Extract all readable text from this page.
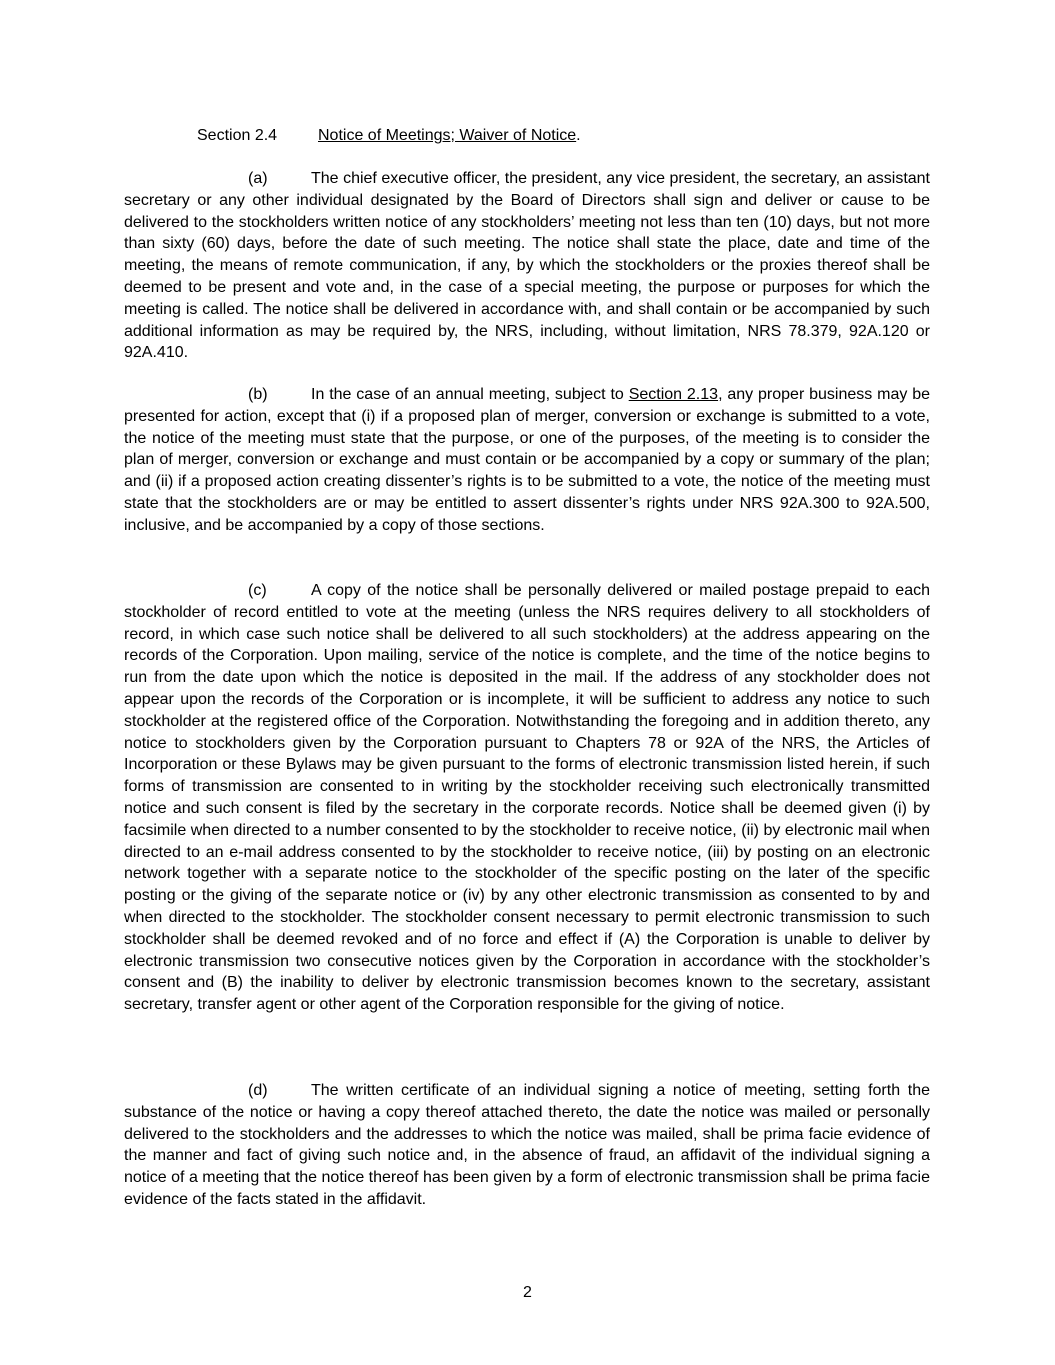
Section 2.4	Notice of Meetings; Waiver of Notice.

(a)	The chief executive officer, the president, any vice president, the secretary, an assistant secretary or any other individual designated by the Board of Directors shall sign and deliver or cause to be delivered to the stockholders written notice of any stockholders’ meeting not less than ten (10) days, but not more than sixty (60) days, before the date of such meeting. The notice shall state the place, date and time of the meeting, the means of remote communication, if any, by which the stockholders or the proxies thereof shall be deemed to be present and vote and, in the case of a special meeting, the purpose or purposes for which the meeting is called. The notice shall be delivered in accordance with, and shall contain or be accompanied by such additional information as may be required by, the NRS, including, without limitation, NRS 78.379, 92A.120 or 92A.410.

(b)	In the case of an annual meeting, subject to Section 2.13, any proper business may be presented for action, except that (i) if a proposed plan of merger, conversion or exchange is submitted to a vote, the notice of the meeting must state that the purpose, or one of the purposes, of the meeting is to consider the plan of merger, conversion or exchange and must contain or be accompanied by a copy or summary of the plan; and (ii) if a proposed action creating dissenter’s rights is to be submitted to a vote, the notice of the meeting must state that the stockholders are or may be entitled to assert dissenter’s rights under NRS 92A.300 to 92A.500, inclusive, and be accompanied by a copy of those sections.

(c)	A copy of the notice shall be personally delivered or mailed postage prepaid to each stockholder of record entitled to vote at the meeting (unless the NRS requires delivery to all stockholders of record, in which case such notice shall be delivered to all such stockholders) at the address appearing on the records of the Corporation. Upon mailing, service of the notice is complete, and the time of the notice begins to run from the date upon which the notice is deposited in the mail. If the address of any stockholder does not appear upon the records of the Corporation or is incomplete, it will be sufficient to address any notice to such stockholder at the registered office of the Corporation. Notwithstanding the foregoing and in addition thereto, any notice to stockholders given by the Corporation pursuant to Chapters 78 or 92A of the NRS, the Articles of Incorporation or these Bylaws may be given pursuant to the forms of electronic transmission listed herein, if such forms of transmission are consented to in writing by the stockholder receiving such electronically transmitted notice and such consent is filed by the secretary in the corporate records. Notice shall be deemed given (i) by facsimile when directed to a number consented to by the stockholder to receive notice, (ii) by electronic mail when directed to an e-mail address consented to by the stockholder to receive notice, (iii) by posting on an electronic network together with a separate notice to the stockholder of the specific posting on the later of the specific posting or the giving of the separate notice or (iv) by any other electronic transmission as consented to by and when directed to the stockholder. The stockholder consent necessary to permit electronic transmission to such stockholder shall be deemed revoked and of no force and effect if (A) the Corporation is unable to deliver by electronic transmission two consecutive notices given by the Corporation in accordance with the stockholder’s consent and (B) the inability to deliver by electronic transmission becomes known to the secretary, assistant secretary, transfer agent or other agent of the Corporation responsible for the giving of notice.

(d)	The written certificate of an individual signing a notice of meeting, setting forth the substance of the notice or having a copy thereof attached thereto, the date the notice was mailed or personally delivered to the stockholders and the addresses to which the notice was mailed, shall be prima facie evidence of the manner and fact of giving such notice and, in the absence of fraud, an affidavit of the individual signing a notice of a meeting that the notice thereof has been given by a form of electronic transmission shall be prima facie evidence of the facts stated in the affidavit.

2
